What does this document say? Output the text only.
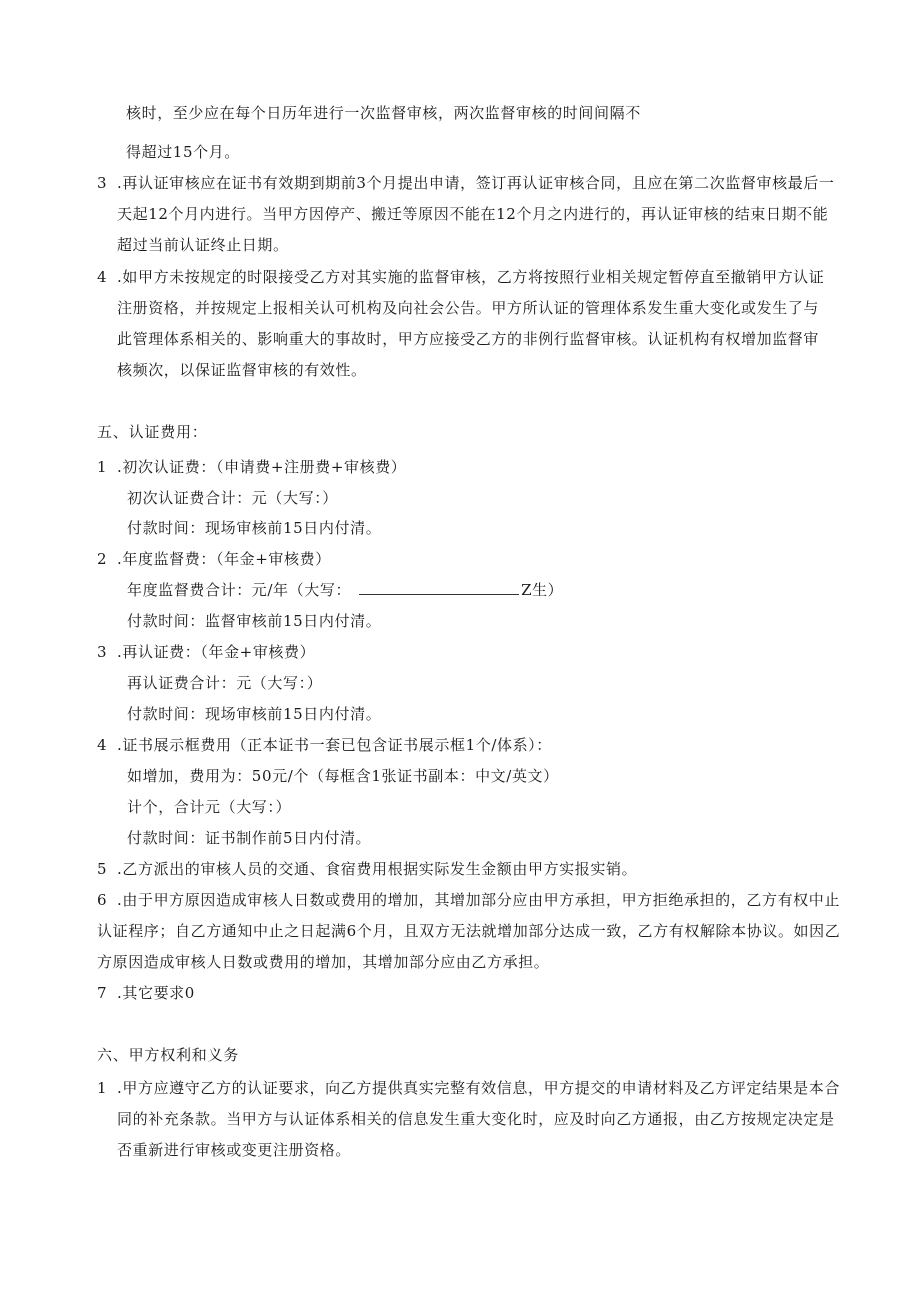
核时，至少应在每个日历年进行一次监督审核，两次监督审核的时间间隔不
得超过15个月。
3 .再认证审核应在证书有效期到期前3个月提出申请，签订再认证审核合同，且应在第二次监督审核最后一
天起12个月内进行。当甲方因停产、搬迁等原因不能在12个月之内进行的，再认证审核的结束日期不能
超过当前认证终止日期。
4 .如甲方未按规定的时限接受乙方对其实施的监督审核，乙方将按照行业相关规定暂停直至撤销甲方认证
注册资格，并按规定上报相关认可机构及向社会公告。甲方所认证的管理体系发生重大变化或发生了与
此管理体系相关的、影响重大的事故时，甲方应接受乙方的非例行监督审核。认证机构有权增加监督审
核频次，以保证监督审核的有效性。
五、认证费用：
1 .初次认证费：（申请费+注册费+审核费）
初次认证费合计：元（大写：）
付款时间：现场审核前15日内付清。
2 .年度监督费：（年金+审核费）
年度监督费合计：元/年（大写：	Z生）
付款时间：监督审核前15日内付清。
3 .再认证费：（年金+审核费）
再认证费合计：元（大写：）
付款时间：现场审核前15日内付清。
4 .证书展示框费用（正本证书一套已包含证书展示框1个/体系）：
如增加，费用为：50元/个（每框含1张证书副本：中文/英文）
计个，合计元（大写：）
付款时间：证书制作前5日内付清。
5 .乙方派出的审核人员的交通、食宿费用根据实际发生金额由甲方实报实销。
6 .由于甲方原因造成审核人日数或费用的增加，其增加部分应由甲方承担，甲方拒绝承担的，乙方有权中止
认证程序；自乙方通知中止之日起满6个月，且双方无法就增加部分达成一致，乙方有权解除本协议。如因乙
方原因造成审核人日数或费用的增加，其增加部分应由乙方承担。
7 .其它要求0
六、甲方权利和义务
1 .甲方应遵守乙方的认证要求，向乙方提供真实完整有效信息，甲方提交的申请材料及乙方评定结果是本合
同的补充条款。当甲方与认证体系相关的信息发生重大变化时，应及时向乙方通报，由乙方按规定决定是
否重新进行审核或变更注册资格。
